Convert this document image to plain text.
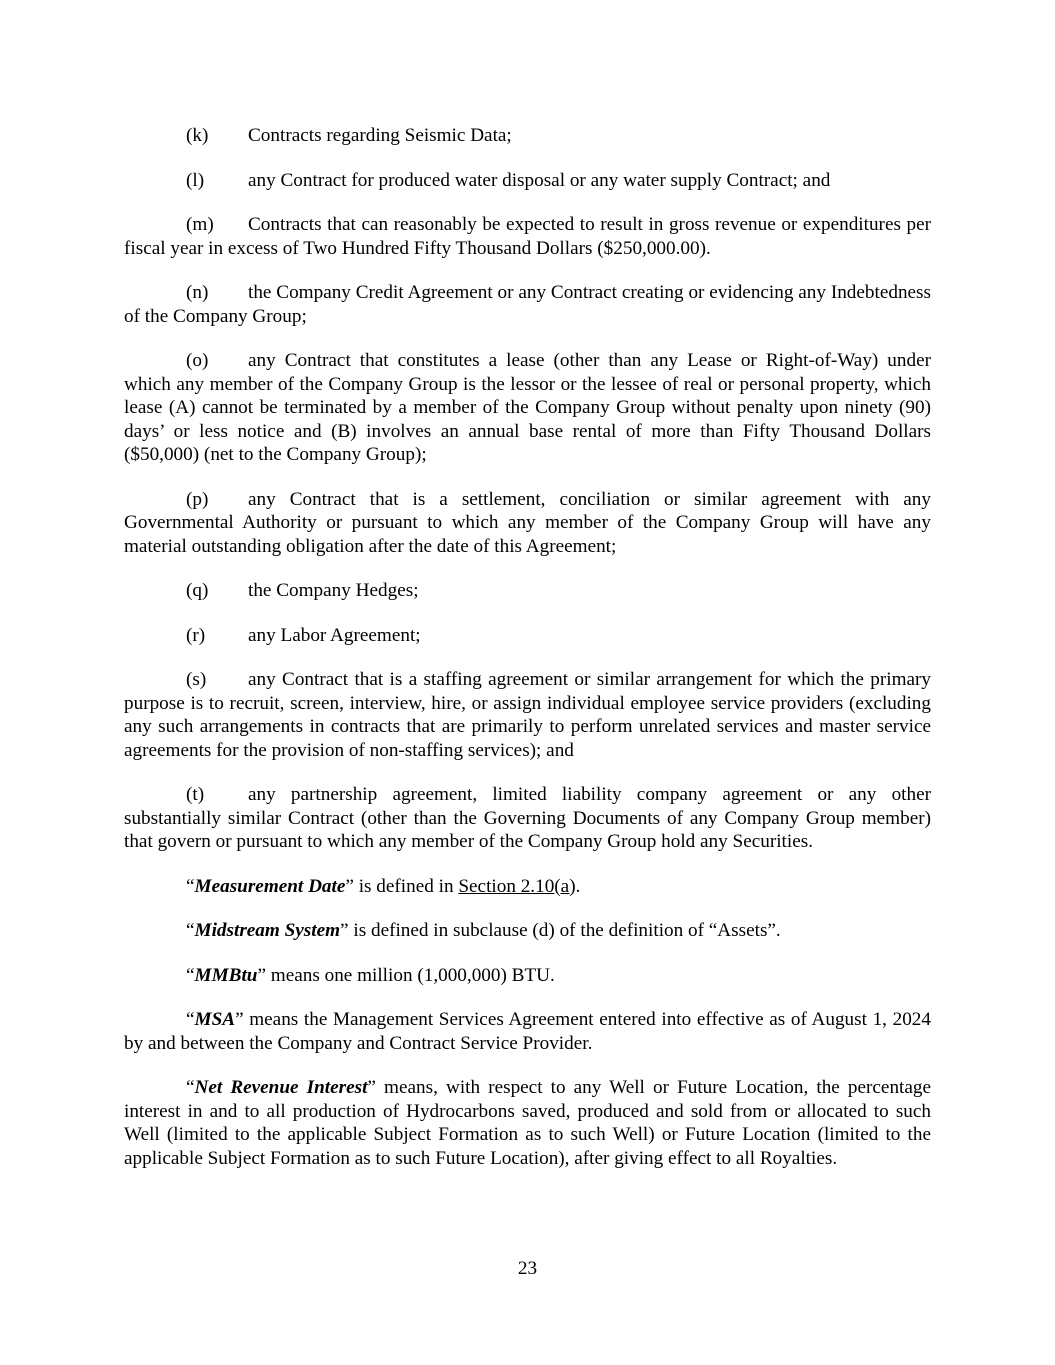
(k) Contracts regarding Seismic Data;

(l) any Contract for produced water disposal or any water supply Contract; and

(m) Contracts that can reasonably be expected to result in gross revenue or expenditures per fiscal year in excess of Two Hundred Fifty Thousand Dollars ($250,000.00).

(n) the Company Credit Agreement or any Contract creating or evidencing any Indebtedness of the Company Group;

(o) any Contract that constitutes a lease (other than any Lease or Right-of-Way) under which any member of the Company Group is the lessor or the lessee of real or personal property, which lease (A) cannot be terminated by a member of the Company Group without penalty upon ninety (90) days’ or less notice and (B) involves an annual base rental of more than Fifty Thousand Dollars ($50,000) (net to the Company Group);

(p) any Contract that is a settlement, conciliation or similar agreement with any Governmental Authority or pursuant to which any member of the Company Group will have any material outstanding obligation after the date of this Agreement;

(q) the Company Hedges;

(r) any Labor Agreement;

(s) any Contract that is a staffing agreement or similar arrangement for which the primary purpose is to recruit, screen, interview, hire, or assign individual employee service providers (excluding any such arrangements in contracts that are primarily to perform unrelated services and master service agreements for the provision of non-staffing services); and

(t) any partnership agreement, limited liability company agreement or any other substantially similar Contract (other than the Governing Documents of any Company Group member) that govern or pursuant to which any member of the Company Group hold any Securities.

“Measurement Date” is defined in Section 2.10(a).

“Midstream System” is defined in subclause (d) of the definition of “Assets”.

“MMBtu” means one million (1,000,000) BTU.

“MSA” means the Management Services Agreement entered into effective as of August 1, 2024 by and between the Company and Contract Service Provider.

“Net Revenue Interest” means, with respect to any Well or Future Location, the percentage interest in and to all production of Hydrocarbons saved, produced and sold from or allocated to such Well (limited to the applicable Subject Formation as to such Well) or Future Location (limited to the applicable Subject Formation as to such Future Location), after giving effect to all Royalties.

23
